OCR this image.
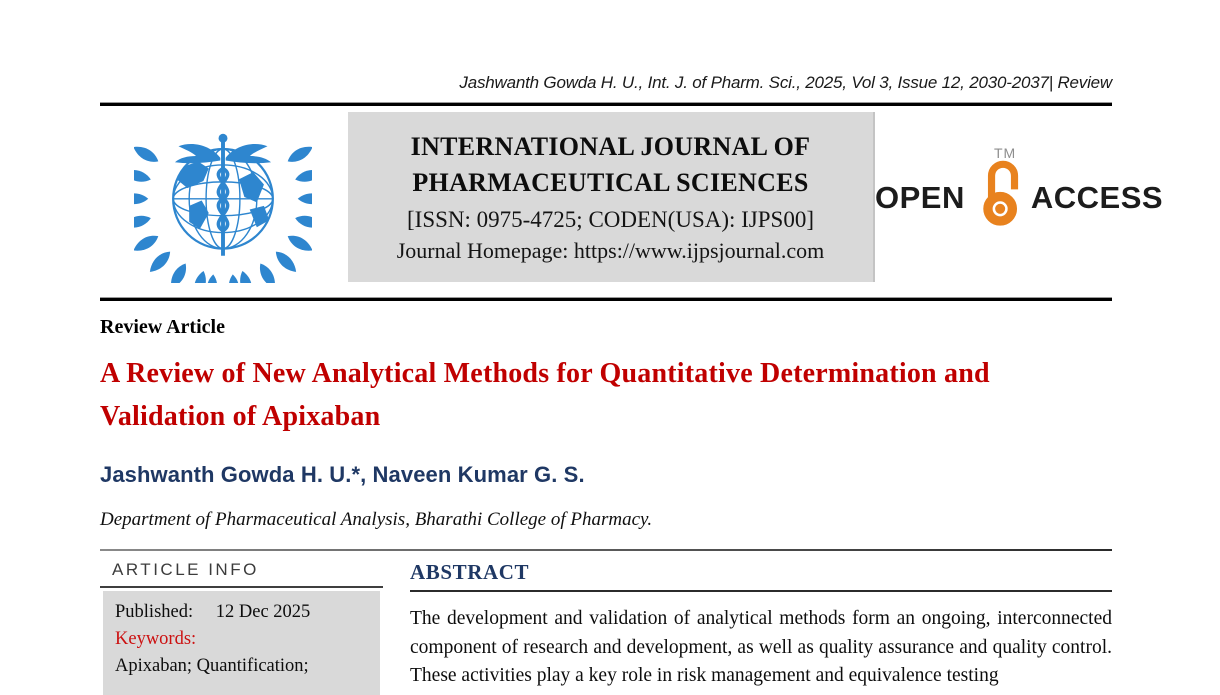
Jashwanth Gowda H. U., Int. J. of Pharm. Sci., 2025, Vol 3, Issue 12, 2030-2037| Review
INTERNATIONAL JOURNAL OF
PHARMACEUTICAL SCIENCES
[ISSN: 0975-4725; CODEN(USA): IJPS00]
Journal Homepage: https://www.ijpsjournal.com
OPEN
TM
ACCESS
Review Article
A Review of New Analytical Methods for Quantitative Determination and Validation of Apixaban
Jashwanth Gowda H. U.*, Naveen Kumar G. S.
Department of Pharmaceutical Analysis, Bharathi College of Pharmacy.
ARTICLE INFO
Published: 12 Dec 2025
Keywords:
Apixaban; Quantification;
ABSTRACT

The development and validation of analytical methods form an ongoing, interconnected component of research and development, as well as quality assurance and quality control. These activities play a key role in risk management and equivalence testing
